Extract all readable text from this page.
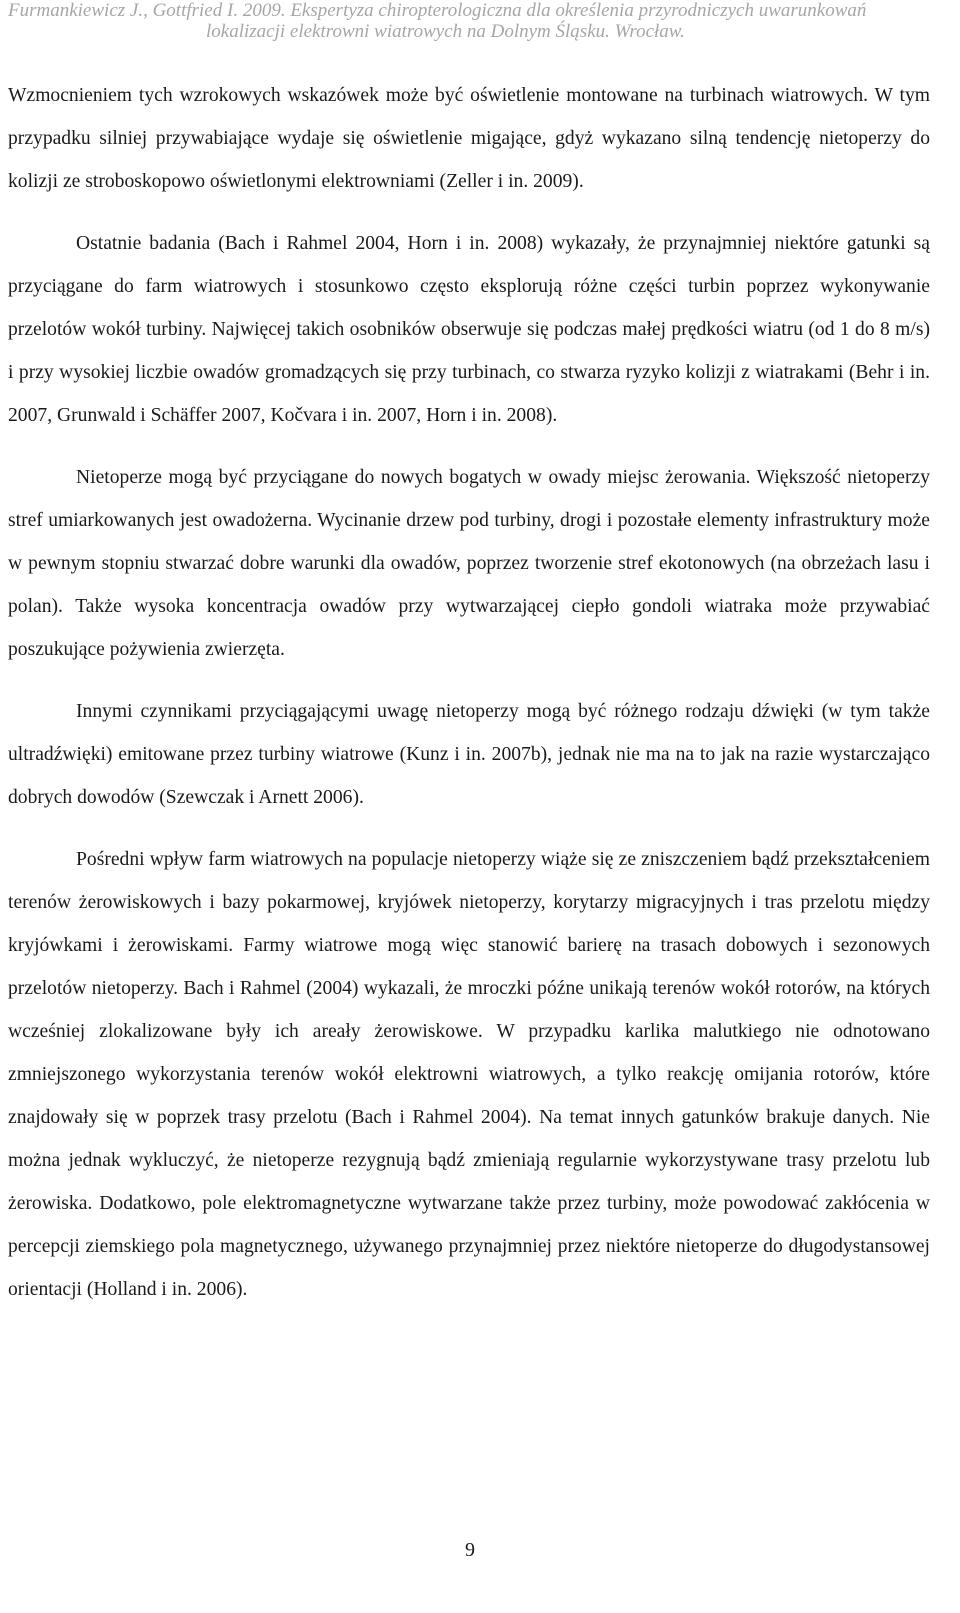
Furmankiewicz J., Gottfried I. 2009. Ekspertyza chiropterologiczna dla określenia przyrodniczych uwarunkowań
lokalizacji elektrowni wiatrowych na Dolnym Śląsku. Wrocław.

Wzmocnieniem tych wzrokowych wskazówek może być oświetlenie montowane na turbinach wiatrowych. W tym przypadku silniej przywabiające wydaje się oświetlenie migające, gdyż wykazano silną tendencję nietoperzy do kolizji ze stroboskopowo oświetlonymi elektrowniami (Zeller i in. 2009).

Ostatnie badania (Bach i Rahmel 2004, Horn i in. 2008) wykazały, że przynajmniej niektóre gatunki są przyciągane do farm wiatrowych i stosunkowo często eksplorują różne części turbin poprzez wykonywanie przelotów wokół turbiny. Najwięcej takich osobników obserwuje się podczas małej prędkości wiatru (od 1 do 8 m/s) i przy wysokiej liczbie owadów gromadzących się przy turbinach, co stwarza ryzyko kolizji z wiatrakami (Behr i in. 2007, Grunwald i Schäffer 2007, Kočvara i in. 2007, Horn i in. 2008).

Nietoperze mogą być przyciągane do nowych bogatych w owady miejsc żerowania. Większość nietoperzy stref umiarkowanych jest owadożerna. Wycinanie drzew pod turbiny, drogi i pozostałe elementy infrastruktury może w pewnym stopniu stwarzać dobre warunki dla owadów, poprzez tworzenie stref ekotonowych (na obrzeżach lasu i polan). Także wysoka koncentracja owadów przy wytwarzającej ciepło gondoli wiatraka może przywabiać poszukujące pożywienia zwierzęta.

Innymi czynnikami przyciągającymi uwagę nietoperzy mogą być różnego rodzaju dźwięki (w tym także ultradźwięki) emitowane przez turbiny wiatrowe (Kunz i in. 2007b), jednak nie ma na to jak na razie wystarczająco dobrych dowodów (Szewczak i Arnett 2006).

Pośredni wpływ farm wiatrowych na populacje nietoperzy wiąże się ze zniszczeniem bądź przekształceniem terenów żerowiskowych i bazy pokarmowej, kryjówek nietoperzy, korytarzy migracyjnych i tras przelotu między kryjówkami i żerowiskami. Farmy wiatrowe mogą więc stanowić barierę na trasach dobowych i sezonowych przelotów nietoperzy. Bach i Rahmel (2004) wykazali, że mroczki późne unikają terenów wokół rotorów, na których wcześniej zlokalizowane były ich areały żerowiskowe. W przypadku karlika malutkiego nie odnotowano zmniejszonego wykorzystania terenów wokół elektrowni wiatrowych, a tylko reakcję omijania rotorów, które znajdowały się w poprzek trasy przelotu (Bach i Rahmel 2004). Na temat innych gatunków brakuje danych. Nie można jednak wykluczyć, że nietoperze rezygnują bądź zmieniają regularnie wykorzystywane trasy przelotu lub żerowiska. Dodatkowo, pole elektromagnetyczne wytwarzane także przez turbiny, może powodować zakłócenia w percepcji ziemskiego pola magnetycznego, używanego przynajmniej przez niektóre nietoperze do długodystansowej orientacji (Holland i in. 2006).

9
